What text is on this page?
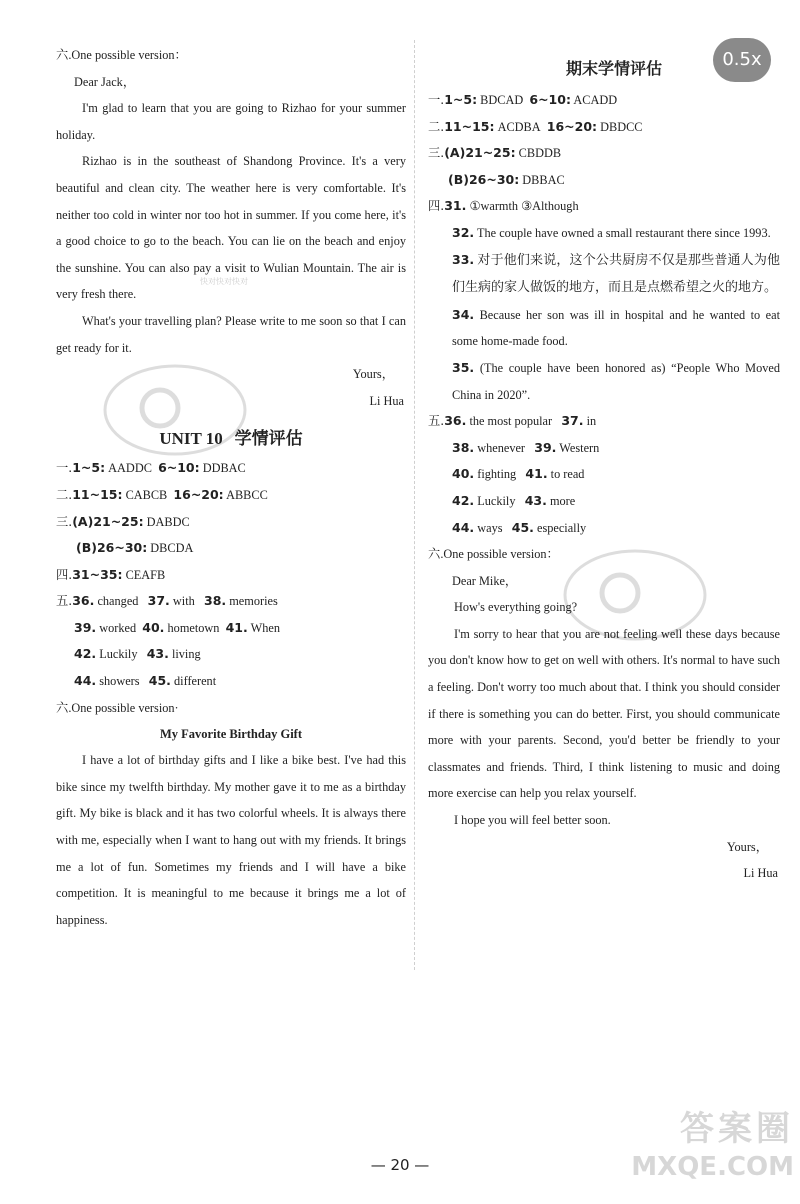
六.One possible version：
Dear Jack，
I'm glad to learn that you are going to Rizhao for your summer holiday.
Rizhao is in the southeast of Shandong Province. It's a very beautiful and clean city. The weather here is very comfortable. It's neither too cold in winter nor too hot in summer. If you come here, it's a good choice to go to the beach. You can lie on the beach and enjoy the sunshine. You can also pay a visit to Wulian Mountain. The air is very fresh there.
What's your travelling plan? Please write to me soon so that I can get ready for it.
Yours，
Li Hua
UNIT 10 学情评估
一.1~5: AADDC 6~10: DDBAC
二.11~15: CABCB 16~20: ABBCC
三.(A)21~25: DABDC
(B)26~30: DBCDA
四.31~35: CEAFB
五.36. changed 37. with 38. memories
39. worked 40. hometown 41. When
42. Luckily 43. living
44. showers 45. different
六.One possible version·
My Favorite Birthday Gift
I have a lot of birthday gifts and I like a bike best. I've had this bike since my twelfth birthday. My mother gave it to me as a birthday gift. My bike is black and it has two colorful wheels. It is always there with me, especially when I want to hang out with my friends. It brings me a lot of fun. Sometimes my friends and I will have a bike competition. It is meaningful to me because it brings me a lot of happiness.
期末学情评估
一.1~5: BDCAD 6~10: ACADD
二.11~15: ACDBA 16~20: DBDCC
三.(A)21~25: CBDDB
(B)26~30: DBBAC
四.31. ①warmth ③Although
32. The couple have owned a small restaurant there since 1993.
33. 对于他们来说，这个公共厨房不仅是那些普通人为他们生病的家人做饭的地方，而且是点燃希望之火的地方。
34. Because her son was ill in hospital and he wanted to eat some home-made food.
35. (The couple have been honored as) “People Who Moved China in 2020”.
五.36. the most popular 37. in
38. whenever 39. Western
40. fighting 41. to read
42. Luckily 43. more
44. ways 45. especially
六.One possible version：
Dear Mike，
How's everything going?
I'm sorry to hear that you are not feeling well these days because you don't know how to get on well with others. It's normal to have such a feeling. Don't worry too much about that. I think you should consider if there is something you can do better. First, you should communicate more with your parents. Second, you'd better be friendly to your classmates and friends. Third, I think listening to music and doing more exercise can help you relax yourself.
I hope you will feel better soon.
Yours，
Li Hua
快对快对快对
0.5x
— 20 —
答案圈
MXQE.COM
